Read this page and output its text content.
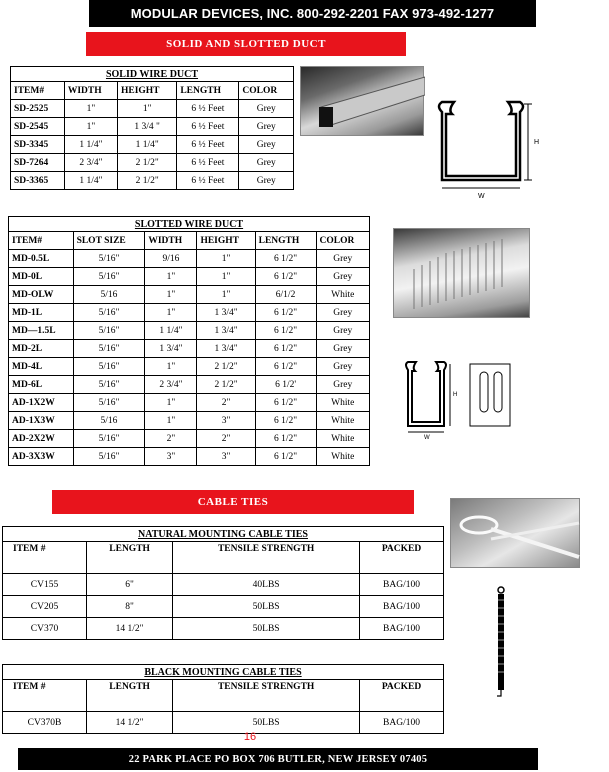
MODULAR DEVICES, INC. 800-292-2201 FAX 973-492-1277
SOLID AND SLOTTED DUCT
SOLID WIRE DUCT
ITEM#	WIDTH	HEIGHT	LENGTH	COLOR
SD-2525	1"	1"	6 ½ Feet	Grey
SD-2545	1"	1 3/4 "	6 ½ Feet	Grey
SD-3345	1 1/4"	1 1/4"	6 ½ Feet	Grey
SD-7264	2 3/4"	2 1/2"	6 ½ Feet	Grey
SD-3365	1 1/4"	2 1/2"	6 ½ Feet	Grey
H
W
SLOTTED WIRE DUCT
ITEM#	SLOT SIZE	WIDTH	HEIGHT	LENGTH	COLOR
MD-0.5L	5/16"	9/16	1"	6 1/2"	Grey
MD-0L	5/16"	1"	1"	6 1/2"	Grey
MD-OLW	5/16	1"	1"	6/1/2	White
MD-1L	5/16"	1"	1 3/4"	6 1/2"	Grey
MD—1.5L	5/16"	1 1/4"	1 3/4"	6 1/2"	Grey
MD-2L	5/16"	1 3/4"	1 3/4"	6 1/2"	Grey
MD-4L	5/16"	1"	2 1/2"	6 1/2"	Grey
MD-6L	5/16"	2 3/4"	2 1/2"	6 1/2'	Grey
AD-1X2W	5/16"	1"	2"	6 1/2"	White
AD-1X3W	5/16	1"	3"	6 1/2"	White
AD-2X2W	5/16"	2"	2"	6 1/2"	White
AD-3X3W	5/16"	3"	3"	6 1/2"	White
H
W
CABLE TIES
NATURAL MOUNTING CABLE TIES
ITEM #	LENGTH	TENSILE STRENGTH	PACKED
CV155	6"	40LBS	BAG/100
CV205	8"	50LBS	BAG/100
CV370	14 1/2"	50LBS	BAG/100
BLACK MOUNTING CABLE TIES
ITEM #	LENGTH	TENSILE STRENGTH	PACKED
CV370B	14 1/2"	50LBS	BAG/100
16
22 PARK PLACE PO BOX 706 BUTLER, NEW JERSEY 07405
